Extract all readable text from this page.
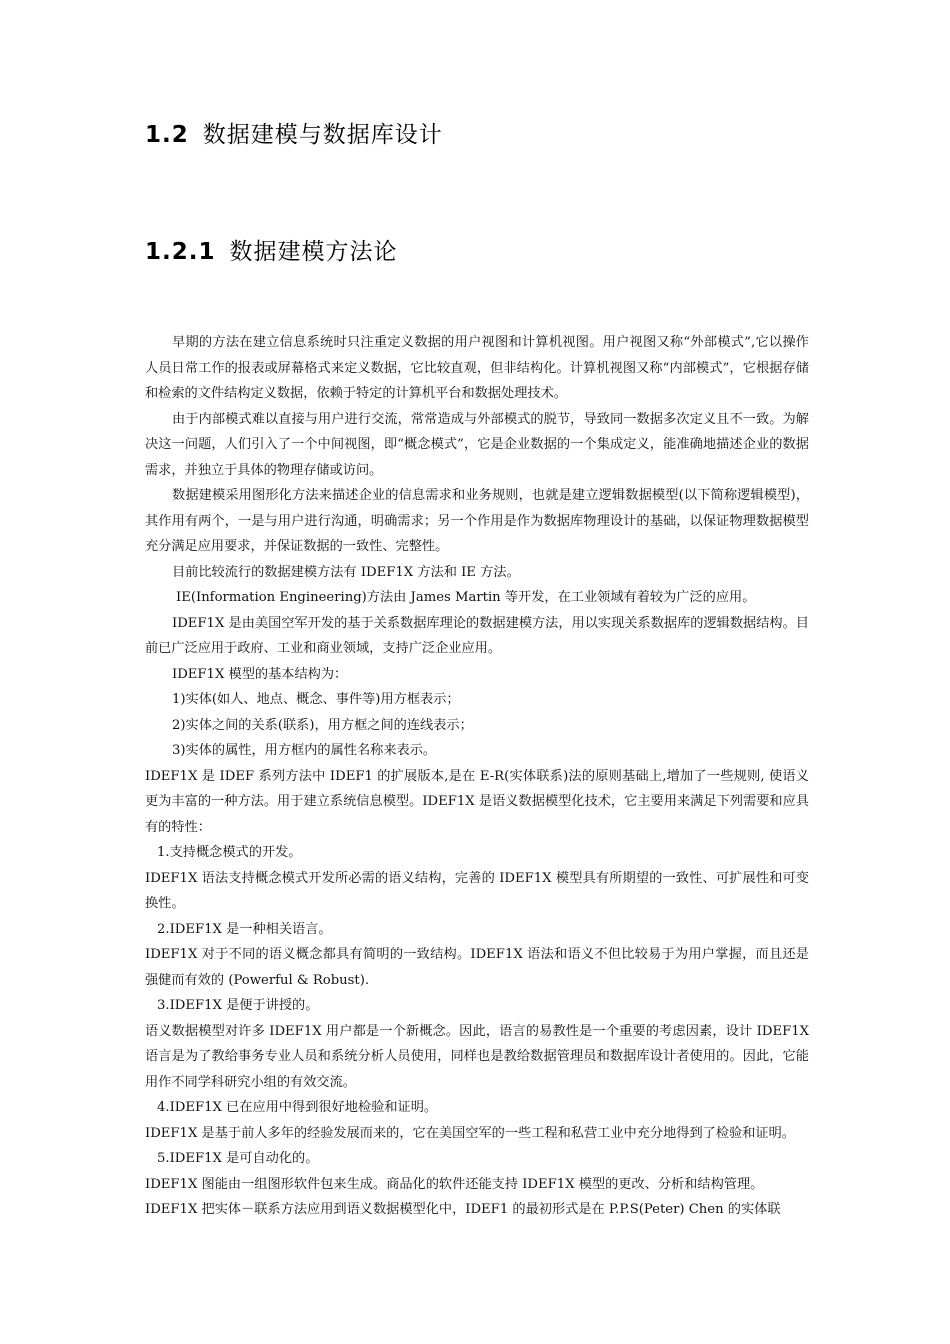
1.2 数据建模与数据库设计
1.2.1 数据建模方法论

早期的方法在建立信息系统时只注重定义数据的用户视图和计算机视图。用户视图又称“外部模式”,它以操作人员日常工作的报表或屏幕格式来定义数据，它比较直观，但非结构化。计算机视图又称“内部模式”，它根据存储和检索的文件结构定义数据，依赖于特定的计算机平台和数据处理技术。

由于内部模式难以直接与用户进行交流，常常造成与外部模式的脱节，导致同一数据多次定义且不一致。为解决这一问题，人们引入了一个中间视图，即“概念模式”，它是企业数据的一个集成定义，能准确地描述企业的数据需求，并独立于具体的物理存储或访问。

数据建模采用图形化方法来描述企业的信息需求和业务规则，也就是建立逻辑数据模型(以下简称逻辑模型)，其作用有两个，一是与用户进行沟通，明确需求；另一个作用是作为数据库物理设计的基础，以保证物理数据模型充分满足应用要求，并保证数据的一致性、完整性。

目前比较流行的数据建模方法有 IDEF1X 方法和 IE 方法。

IE(Information Engineering)方法由 James Martin 等开发，在工业领域有着较为广泛的应用。

IDEF1X 是由美国空军开发的基于关系数据库理论的数据建模方法，用以实现关系数据库的逻辑数据结构。目前已广泛应用于政府、工业和商业领域，支持广泛企业应用。

IDEF1X 模型的基本结构为：

1)实体(如人、地点、概念、事件等)用方框表示；

2)实体之间的关系(联系)，用方框之间的连线表示；

3)实体的属性，用方框内的属性名称来表示。

IDEF1X 是 IDEF 系列方法中 IDEF1 的扩展版本,是在 E-R(实体联系)法的原则基础上,增加了一些规则, 使语义更为丰富的一种方法。用于建立系统信息模型。IDEF1X 是语义数据模型化技术，它主要用来满足下列需要和应具有的特性：

1.支持概念模式的开发。

IDEF1X 语法支持概念模式开发所必需的语义结构，完善的 IDEF1X 模型具有所期望的一致性、可扩展性和可变换性。

2.IDEF1X 是一种相关语言。

IDEF1X 对于不同的语义概念都具有简明的一致结构。IDEF1X 语法和语义不但比较易于为用户掌握，而且还是强健而有效的 (Powerful & Robust).

3.IDEF1X 是便于讲授的。

语义数据模型对许多 IDEF1X 用户都是一个新概念。因此，语言的易教性是一个重要的考虑因素，设计 IDEF1X 语言是为了教给事务专业人员和系统分析人员使用，同样也是教给数据管理员和数据库设计者使用的。因此，它能用作不同学科研究小组的有效交流。

4.IDEF1X 已在应用中得到很好地检验和证明。

IDEF1X 是基于前人多年的经验发展而来的，它在美国空军的一些工程和私营工业中充分地得到了检验和证明。

5.IDEF1X 是可自动化的。

IDEF1X 图能由一组图形软件包来生成。商品化的软件还能支持 IDEF1X 模型的更改、分析和结构管理。

IDEF1X 把实体－联系方法应用到语义数据模型化中，IDEF1 的最初形式是在 P.P.S(Peter) Chen 的实体联
